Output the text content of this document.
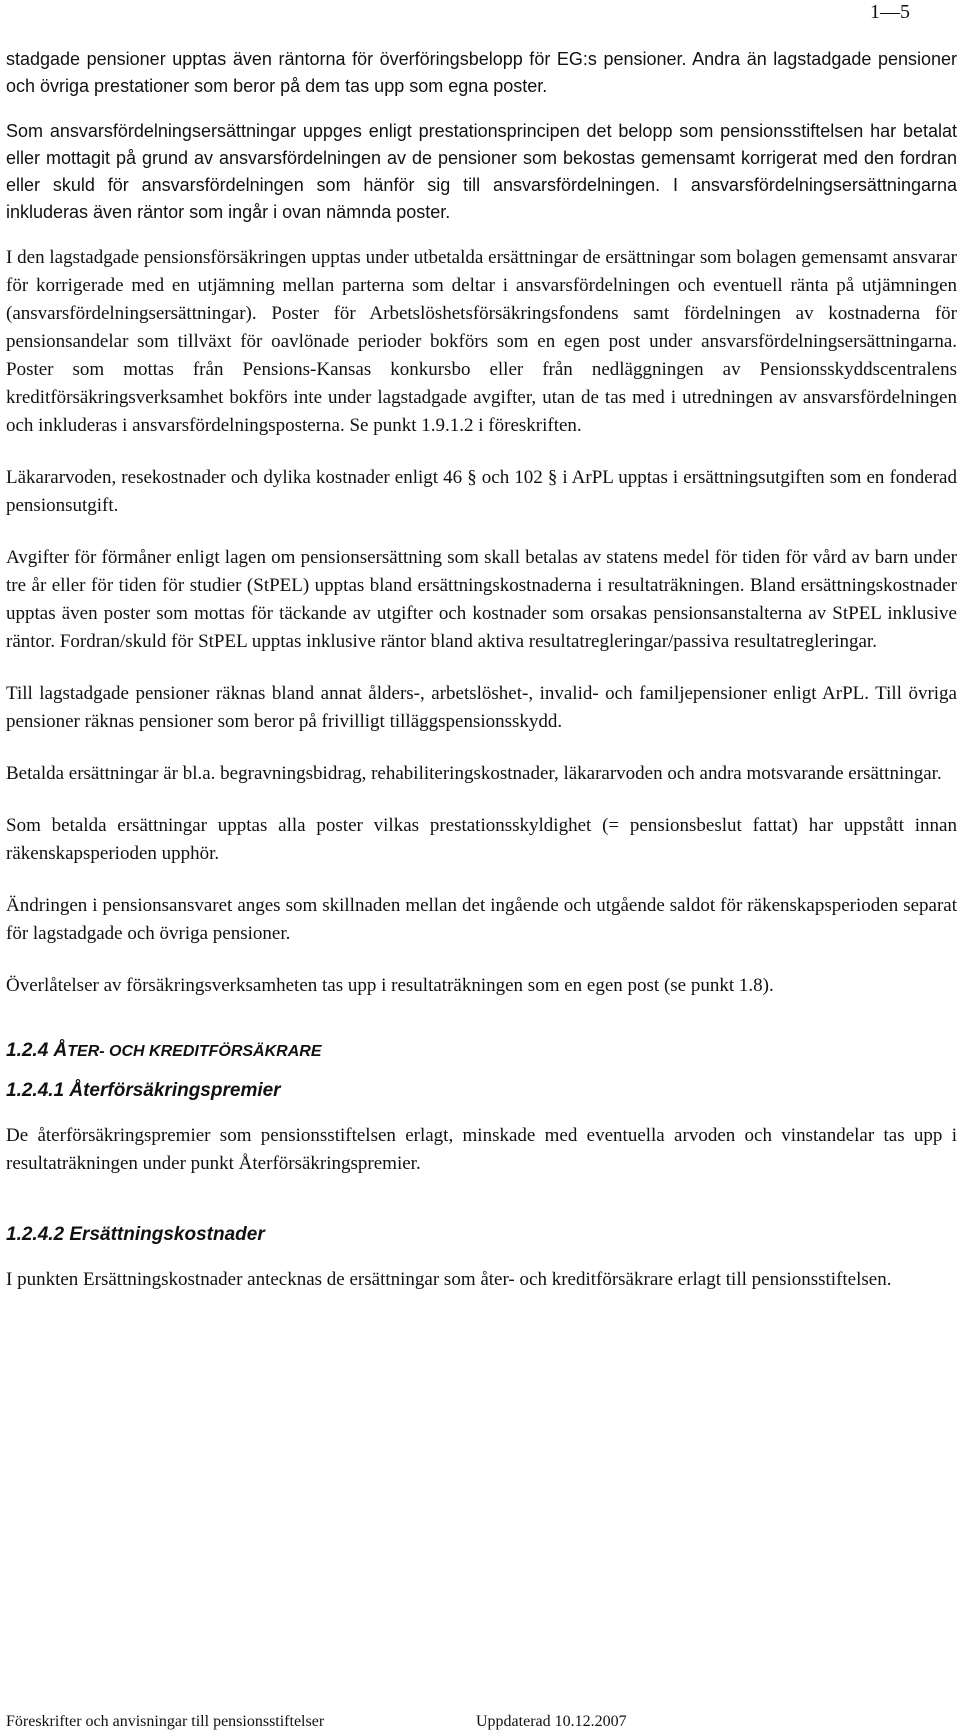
1—5

stadgade pensioner upptas även räntorna för överföringsbelopp för EG:s pensioner. Andra än lagstadgade pensioner och övriga prestationer som beror på dem tas upp som egna poster.

Som ansvarsfördelningsersättningar uppges enligt prestationsprincipen det belopp som pensionsstiftelsen har betalat eller mottagit på grund av ansvarsfördelningen av de pensioner som bekostas gemensamt korrigerat med den fordran eller skuld för ansvarsfördelningen som hänför sig till ansvarsfördelningen. I ansvarsfördelningsersättningarna inkluderas även räntor som ingår i ovan nämnda poster.

I den lagstadgade pensionsförsäkringen upptas under utbetalda ersättningar de ersättningar som bolagen gemensamt ansvarar för korrigerade med en utjämning mellan parterna som deltar i ansvarsfördelningen och eventuell ränta på utjämningen (ansvarsfördelningsersättningar). Poster för Arbetslöshetsförsäkringsfondens samt fördelningen av kostnaderna för pensionsandelar som tillväxt för oavlönade perioder bokförs som en egen post under ansvarsfördelningsersättningarna. Poster som mottas från Pensions-Kansas konkursbo eller från nedläggningen av Pensionsskyddscentralens kreditförsäkringsverksamhet bokförs inte under lagstadgade avgifter, utan de tas med i utredningen av ansvarsfördelningen och inkluderas i ansvarsfördelningsposterna. Se punkt 1.9.1.2 i föreskriften.

Läkararvoden, resekostnader och dylika kostnader enligt 46 § och 102 § i ArPL upptas i ersättningsutgiften som en fonderad pensionsutgift.

Avgifter för förmåner enligt lagen om pensionsersättning som skall betalas av statens medel för tiden för vård av barn under tre år eller för tiden för studier (StPEL) upptas bland ersättningskostnaderna i resultaträkningen. Bland ersättningskostnader upptas även poster som mottas för täckande av utgifter och kostnader som orsakas pensionsanstalterna av StPEL inklusive räntor. Fordran/skuld för StPEL upptas inklusive räntor bland aktiva resultatregleringar/passiva resultatregleringar.

Till lagstadgade pensioner räknas bland annat ålders-, arbetslöshet-, invalid- och familjepensioner enligt ArPL. Till övriga pensioner räknas pensioner som beror på frivilligt tilläggspensionsskydd.

Betalda ersättningar är bl.a. begravningsbidrag, rehabiliteringskostnader, läkararvoden och andra motsvarande ersättningar.

Som betalda ersättningar upptas alla poster vilkas prestationsskyldighet (= pensionsbeslut fattat) har uppstått innan räkenskapsperioden upphör.

Ändringen i pensionsansvaret anges som skillnaden mellan det ingående och utgående saldot för räkenskapsperioden separat för lagstadgade och övriga pensioner.

Överlåtelser av försäkringsverksamheten tas upp i resultaträkningen som en egen post (se punkt 1.8).

1.2.4 ÅTER- OCH KREDITFÖRSÄKRARE
1.2.4.1 Återförsäkringspremier

De återförsäkringspremier som pensionsstiftelsen erlagt, minskade med eventuella arvoden och vinstandelar tas upp i resultaträkningen under punkt Återförsäkringspremier.

1.2.4.2 Ersättningskostnader

I punkten Ersättningskostnader antecknas de ersättningar som åter- och kreditförsäkrare erlagt till pensionsstiftelsen.

Föreskrifter och anvisningar till pensionsstiftelser	Uppdaterad 10.12.2007
